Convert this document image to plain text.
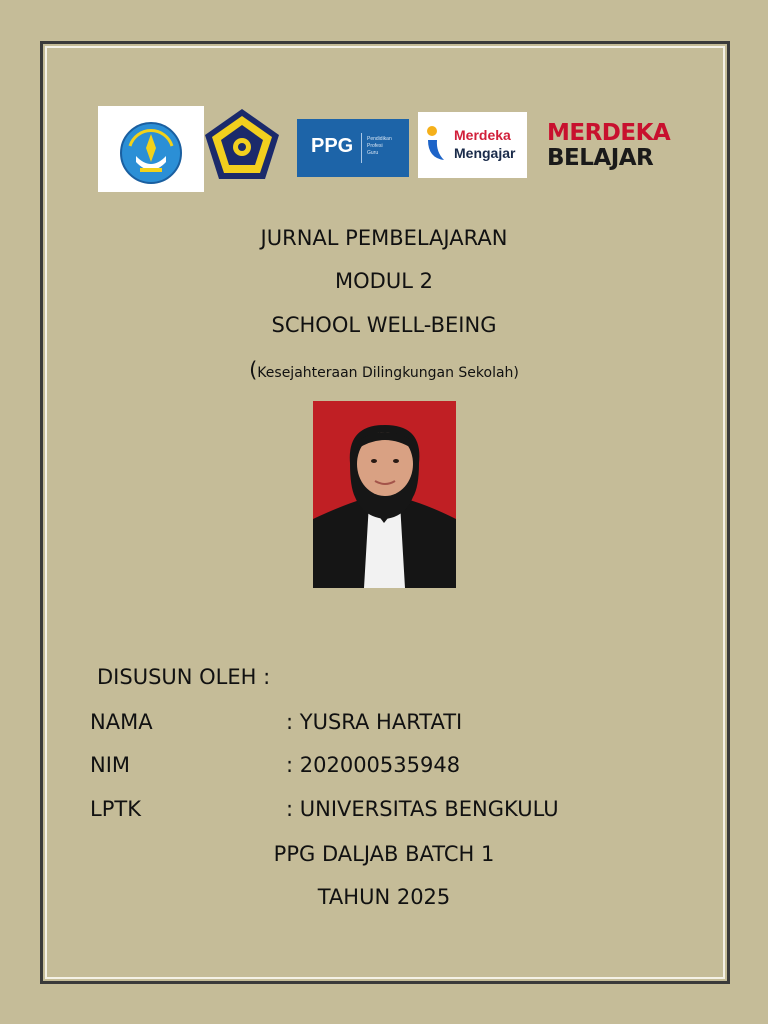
PPG	Pendidikan
Profesi
Guru
Merdeka
Mengajar
MERDEKA
BELAJAR
JURNAL PEMBELAJARAN
MODUL 2
SCHOOL WELL-BEING
(Kesejahteraan Dilingkungan Sekolah)
DISUSUN OLEH :
NAMA	: YUSRA HARTATI
NIM	: 202000535948
LPTK	: UNIVERSITAS BENGKULU
PPG DALJAB BATCH 1
TAHUN 2025
